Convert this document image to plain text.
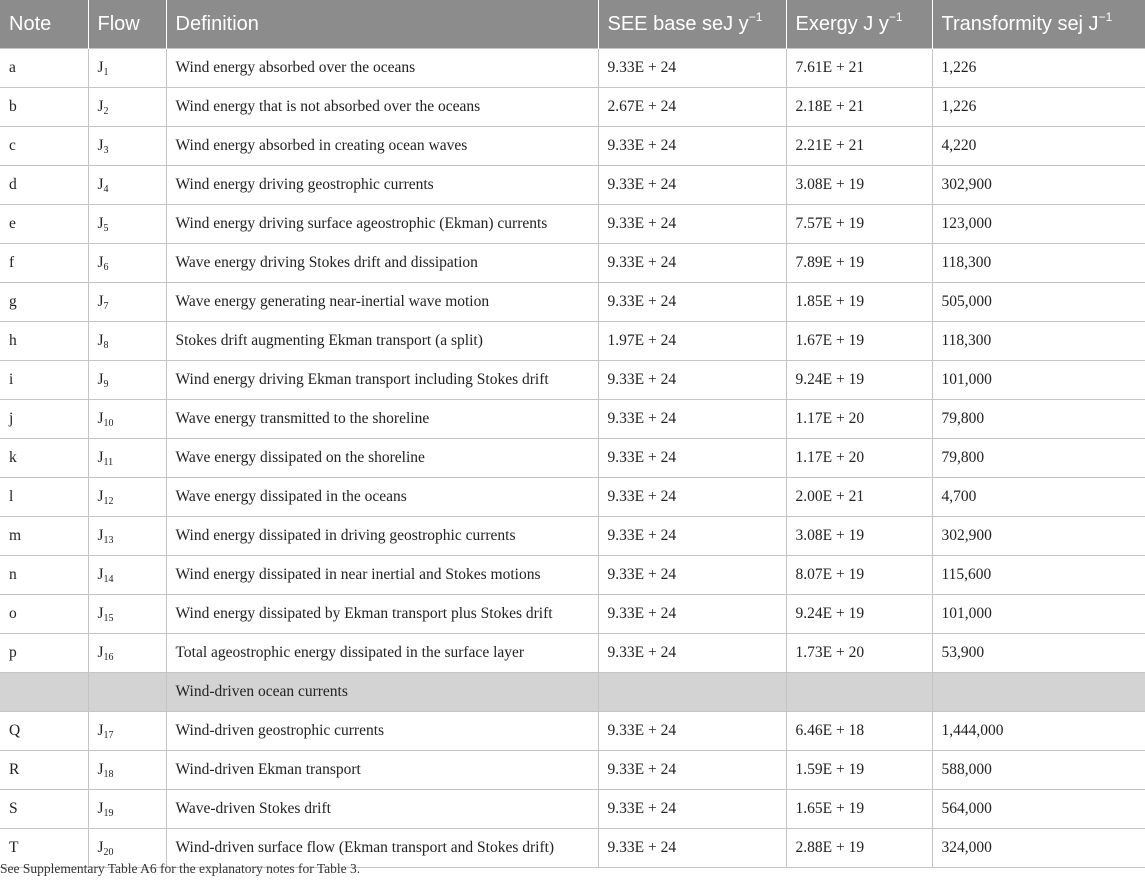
Note	Flow	Definition	SEE base seJ $y^{-1}$	Exergy J $y^{-1}$	Transformity sej $J^{-1}$
a	$J_1$	Wind energy absorbed over the oceans	9.33E + 24	7.61E + 21	1,226
b	$J_2$	Wind energy that is not absorbed over the oceans	2.67E + 24	2.18E + 21	1,226
c	$J_3$	Wind energy absorbed in creating ocean waves	9.33E + 24	2.21E + 21	4,220
d	$J_4$	Wind energy driving geostrophic currents	9.33E + 24	3.08E + 19	302,900
e	$J_5$	Wind energy driving surface ageostrophic (Ekman) currents	9.33E + 24	7.57E + 19	123,000
f	$J_6$	Wave energy driving Stokes drift and dissipation	9.33E + 24	7.89E + 19	118,300
g	$J_7$	Wave energy generating near-inertial wave motion	9.33E + 24	1.85E + 19	505,000
h	$J_8$	Stokes drift augmenting Ekman transport (a split)	1.97E + 24	1.67E + 19	118,300
i	$J_9$	Wind energy driving Ekman transport including Stokes drift	9.33E + 24	9.24E + 19	101,000
j	$J_{10}$	Wave energy transmitted to the shoreline	9.33E + 24	1.17E + 20	79,800
k	$J_{11}$	Wave energy dissipated on the shoreline	9.33E + 24	1.17E + 20	79,800
l	$J_{12}$	Wave energy dissipated in the oceans	9.33E + 24	2.00E + 21	4,700
m	$J_{13}$	Wind energy dissipated in driving geostrophic currents	9.33E + 24	3.08E + 19	302,900
n	$J_{14}$	Wind energy dissipated in near inertial and Stokes motions	9.33E + 24	8.07E + 19	115,600
o	$J_{15}$	Wind energy dissipated by Ekman transport plus Stokes drift	9.33E + 24	9.24E + 19	101,000
p	$J_{16}$	Total ageostrophic energy dissipated in the surface layer	9.33E + 24	1.73E + 20	53,900
		Wind-driven ocean currents			
Q	$J_{17}$	Wind-driven geostrophic currents	9.33E + 24	6.46E + 18	1,444,000
R	$J_{18}$	Wind-driven Ekman transport	9.33E + 24	1.59E + 19	588,000
S	$J_{19}$	Wave-driven Stokes drift	9.33E + 24	1.65E + 19	564,000
T	$J_{20}$	Wind-driven surface flow (Ekman transport and Stokes drift)	9.33E + 24	2.88E + 19	324,000
See Supplementary Table A6 for the explanatory notes for Table 3.
